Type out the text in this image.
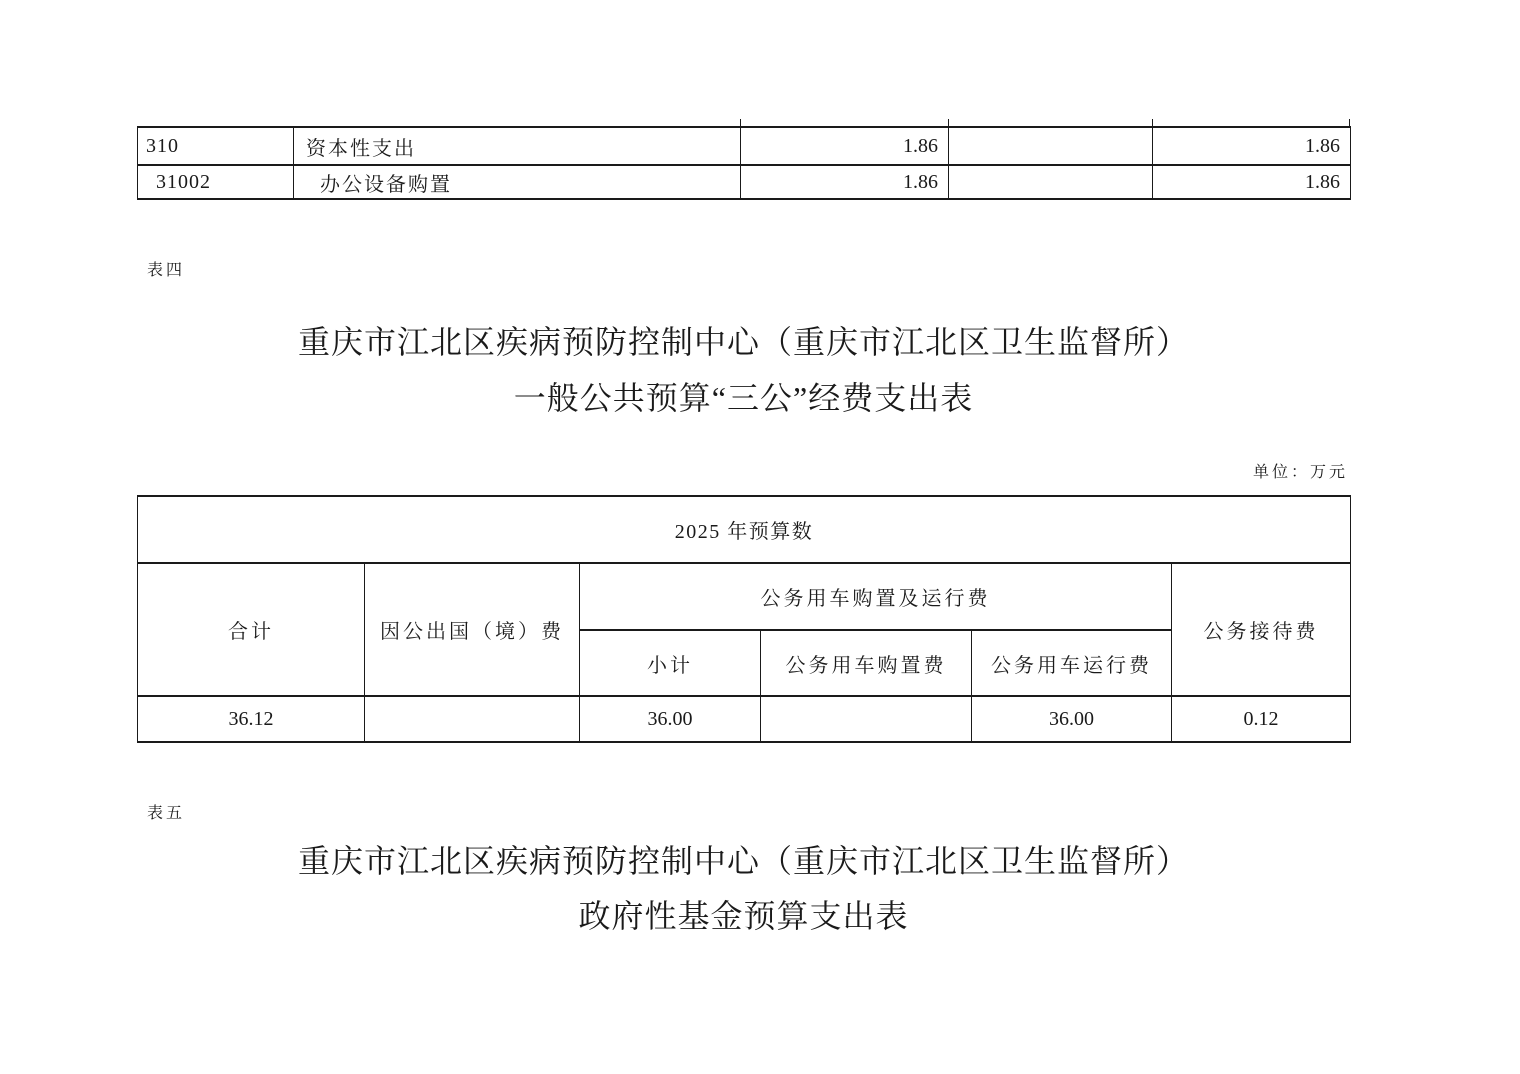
310	资本性支出	1.86		1.86
31002	办公设备购置	1.86		1.86
表四
重庆市江北区疾病预防控制中心（重庆市江北区卫生监督所）
一般公共预算“三公”经费支出表
单位：万元
2025 年预算数					
合计	因公出国（境）费	公务用车购置及运行费			公务接待费
		小计	公务用车购置费	公务用车运行费	
36.12		36.00		36.00	0.12
表五
重庆市江北区疾病预防控制中心（重庆市江北区卫生监督所）
政府性基金预算支出表
